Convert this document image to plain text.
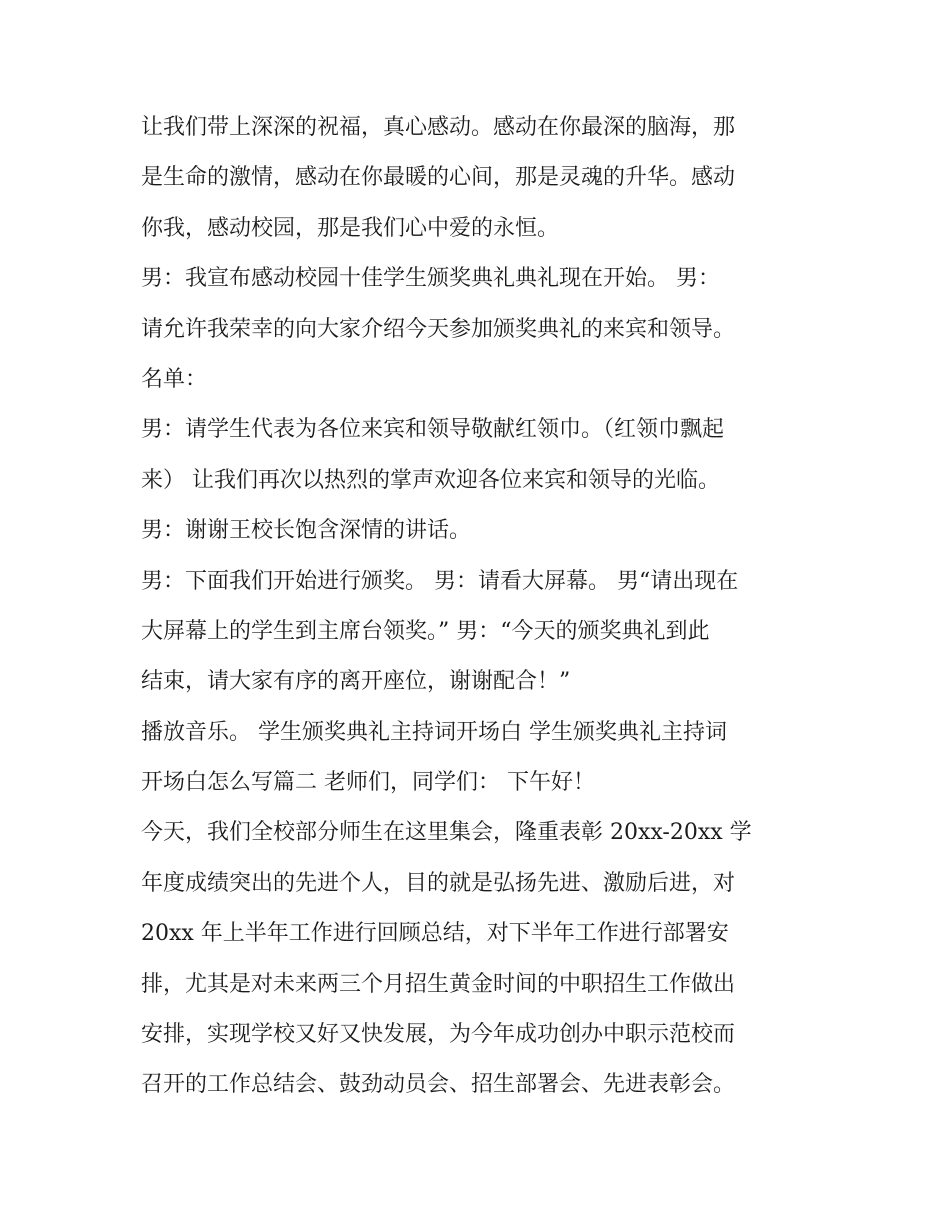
让我们带上深深的祝福，真心感动。感动在你最深的脑海，那
是生命的激情，感动在你最暖的心间，那是灵魂的升华。感动
你我，感动校园，那是我们心中爱的永恒。
男：我宣布感动校园十佳学生颁奖典礼典礼现在开始。 男：
请允许我荣幸的向大家介绍今天参加颁奖典礼的来宾和领导。
名单：
男：请学生代表为各位来宾和领导敬献红领巾。（红领巾飘起
来） 让我们再次以热烈的掌声欢迎各位来宾和领导的光临。
男：谢谢王校长饱含深情的讲话。
男：下面我们开始进行颁奖。 男：请看大屏幕。 男“请出现在
大屏幕上的学生到主席台领奖。” 男：“今天的颁奖典礼到此
结束，请大家有序的离开座位，谢谢配合！”
播放音乐。 学生颁奖典礼主持词开场白 学生颁奖典礼主持词
开场白怎么写篇二 老师们，同学们： 下午好！
今天，我们全校部分师生在这里集会，隆重表彰 20xx-20xx 学
年度成绩突出的先进个人，目的就是弘扬先进、激励后进，对
20xx 年上半年工作进行回顾总结，对下半年工作进行部署安
排，尤其是对未来两三个月招生黄金时间的中职招生工作做出
安排，实现学校又好又快发展，为今年成功创办中职示范校而
召开的工作总结会、鼓劲动员会、招生部署会、先进表彰会。
